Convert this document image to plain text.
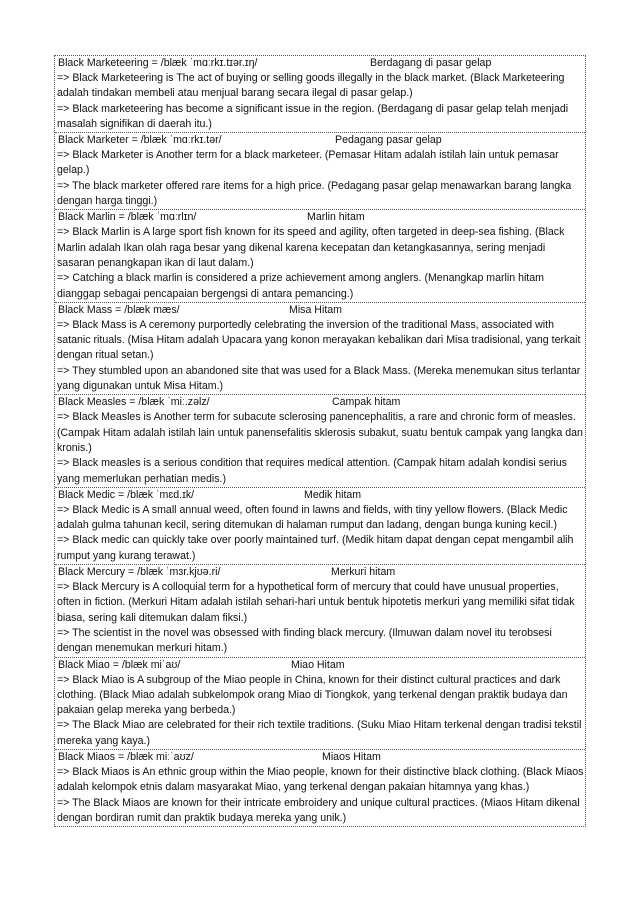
Black Marketeering = /blæk ˈmɑːrkɪ.tɪər.ɪŋ/	Berdagang di pasar gelap

=> Black Marketeering is The act of buying or selling goods illegally in the black market. (Black Marketeering adalah tindakan membeli atau menjual barang secara ilegal di pasar gelap.)

=> Black marketeering has become a significant issue in the region. (Berdagang di pasar gelap telah menjadi masalah signifikan di daerah itu.)

Black Marketer = /blæk ˈmɑːrkɪ.tər/	Pedagang pasar gelap

=> Black Marketer is Another term for a black marketeer. (Pemasar Hitam adalah istilah lain untuk pemasar gelap.)

=> The black marketer offered rare items for a high price. (Pedagang pasar gelap menawarkan barang langka dengan harga tinggi.)

Black Marlin = /blæk ˈmɑːrlɪn/	Marlin hitam

=> Black Marlin is A large sport fish known for its speed and agility, often targeted in deep-sea fishing. (Black Marlin adalah Ikan olah raga besar yang dikenal karena kecepatan dan ketangkasannya, sering menjadi sasaran penangkapan ikan di laut dalam.)

=> Catching a black marlin is considered a prize achievement among anglers. (Menangkap marlin hitam dianggap sebagai pencapaian bergengsi di antara pemancing.)

Black Mass = /blæk mæs/	Misa Hitam

=> Black Mass is A ceremony purportedly celebrating the inversion of the traditional Mass, associated with satanic rituals. (Misa Hitam adalah Upacara yang konon merayakan kebalikan dari Misa tradisional, yang terkait dengan ritual setan.)

=> They stumbled upon an abandoned site that was used for a Black Mass. (Mereka menemukan situs terlantar yang digunakan untuk Misa Hitam.)

Black Measles = /blæk ˈmiː.zəlz/	Campak hitam

=> Black Measles is Another term for subacute sclerosing panencephalitis, a rare and chronic form of measles. (Campak Hitam adalah istilah lain untuk panensefalitis sklerosis subakut, suatu bentuk campak yang langka dan kronis.)

=> Black measles is a serious condition that requires medical attention. (Campak hitam adalah kondisi serius yang memerlukan perhatian medis.)

Black Medic = /blæk ˈmɛd.ɪk/	Medik hitam

=> Black Medic is A small annual weed, often found in lawns and fields, with tiny yellow flowers. (Black Medic adalah gulma tahunan kecil, sering ditemukan di halaman rumput dan ladang, dengan bunga kuning kecil.)

=> Black medic can quickly take over poorly maintained turf. (Medik hitam dapat dengan cepat mengambil alih rumput yang kurang terawat.)

Black Mercury = /blæk ˈmɜr.kjʊə.ri/	Merkuri hitam

=> Black Mercury is A colloquial term for a hypothetical form of mercury that could have unusual properties, often in fiction. (Merkuri Hitam adalah istilah sehari-hari untuk bentuk hipotetis merkuri yang memiliki sifat tidak biasa, sering kali ditemukan dalam fiksi.)

=> The scientist in the novel was obsessed with finding black mercury. (Ilmuwan dalam novel itu terobsesi dengan menemukan merkuri hitam.)

Black Miao = /blæk miˈaʊ/	Miao Hitam

=> Black Miao is A subgroup of the Miao people in China, known for their distinct cultural practices and dark clothing. (Black Miao adalah subkelompok orang Miao di Tiongkok, yang terkenal dengan praktik budaya dan pakaian gelap mereka yang berbeda.)

=> The Black Miao are celebrated for their rich textile traditions. (Suku Miao Hitam terkenal dengan tradisi tekstil mereka yang kaya.)

Black Miaos = /blæk miːˈaʊz/	Miaos Hitam

=> Black Miaos is An ethnic group within the Miao people, known for their distinctive black clothing. (Black Miaos adalah kelompok etnis dalam masyarakat Miao, yang terkenal dengan pakaian hitamnya yang khas.)

=> The Black Miaos are known for their intricate embroidery and unique cultural practices. (Miaos Hitam dikenal dengan bordiran rumit dan praktik budaya mereka yang unik.)
